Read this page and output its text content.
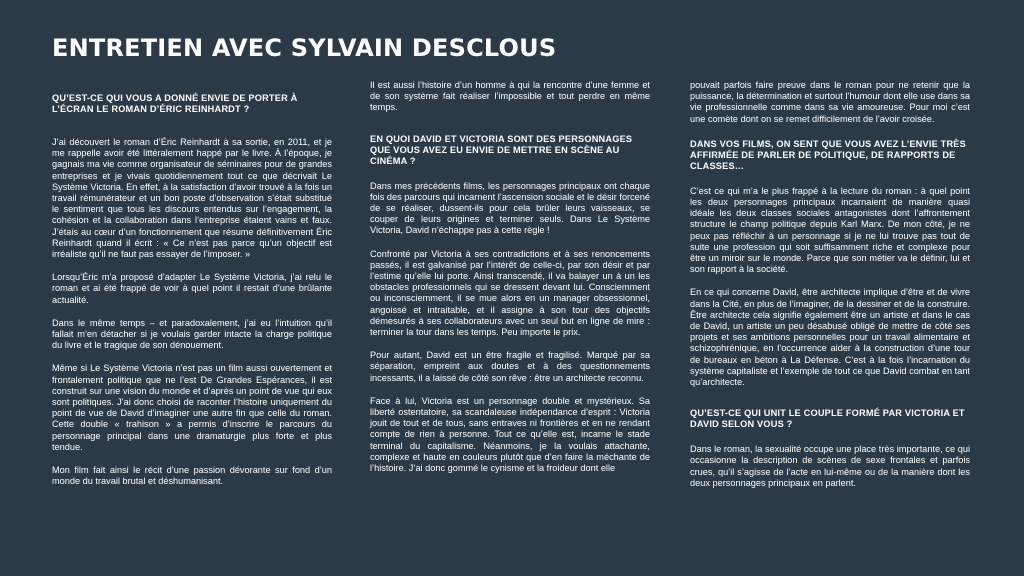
ENTRETIEN AVEC SYLVAIN DESCLOUS
QU’EST-CE QUI VOUS A DONNÉ ENVIE DE PORTER À L’ÉCRAN LE ROMAN D’ÉRIC REINHARDT ?
J’ai découvert le roman d’Éric Reinhardt à sa sortie, en 2011, et je me rappelle avoir été littéralement happé par le livre. À l’époque, je gagnais ma vie comme organisateur de séminaires pour de grandes entreprises et je vivais quotidiennement tout ce que décrivait Le Système Victoria. En effet, à la satisfaction d’avoir trouvé à la fois un travail rémunérateur et un bon poste d’observation s’était substitué le sentiment que tous les discours entendus sur l’engagement, la cohésion et la collaboration dans l’entreprise étaient vains et faux. J’étais au cœur d’un fonctionnement que résume définitivement Éric Reinhardt quand il écrit : « Ce n’est pas parce qu’un objectif est irréaliste qu’il ne faut pas essayer de l’imposer. »
Lorsqu’Éric m’a proposé d’adapter Le Système Victoria, j’ai relu le roman et ai été frappé de voir à quel point il restait d’une brûlante actualité.
Dans le même temps – et paradoxalement, j’ai eu l’intuition qu’il fallait m’en détacher si je voulais garder intacte la charge politique du livre et le tragique de son dénouement.
Même si Le Système Victoria n’est pas un film aussi ouvertement et frontalement politique que ne l’est De Grandes Espérances, il est construit sur une vision du monde et d’après un point de vue qui eux sont politiques. J’ai donc choisi de raconter l’histoire uniquement du point de vue de David d’imaginer une autre fin que celle du roman. Cette double « trahison » a permis d’inscrire le parcours du personnage principal dans une dramaturgie plus forte et plus tendue.
Mon film fait ainsi le récit d’une passion dévorante sur fond d’un monde du travail brutal et déshumanisant.
Il est aussi l’histoire d’un homme à qui la rencontre d’une femme et de son système fait réaliser l’impossible et tout perdre en même temps.
EN QUOI DAVID ET VICTORIA SONT DES PERSONNAGES QUE VOUS AVEZ EU ENVIE DE METTRE EN SCÈNE AU CINÉMA ?
Dans mes précédents films, les personnages principaux ont chaque fois des parcours qui incarnent l’ascension sociale et le désir forcené de se réaliser, dussent-ils pour cela brûler leurs vaisseaux, se couper de leurs origines et terminer seuls. Dans Le Système Victoria, David n’échappe pas à cette règle !
Confronté par Victoria à ses contradictions et à ses renoncements passés, il est galvanisé par l’intérêt de celle-ci, par son désir et par l’estime qu’elle lui porte. Ainsi transcendé, il va balayer un à un les obstacles professionnels qui se dressent devant lui. Consciemment ou inconsciemment, il se mue alors en un manager obsessionnel, angoissé et intraitable, et il assigne à son tour des objectifs démesurés à ses collaborateurs avec un seul but en ligne de mire : terminer la tour dans les temps. Peu importe le prix.
Pour autant, David est un être fragile et fragilisé. Marqué par sa séparation, empreint aux doutes et à des questionnements incessants, il a laissé de côté son rêve : être un architecte reconnu.
Face à lui, Victoria est un personnage double et mystérieux. Sa liberté ostentatoire, sa scandaleuse indépendance d’esprit : Victoria jouit de tout et de tous, sans entraves ni frontières et en ne rendant compte de rien à personne. Tout ce qu’elle est, incarne le stade terminal du capitalisme. Néanmoins, je la voulais attachante, complexe et haute en couleurs plutôt que d’en faire la méchante de l’histoire. J’ai donc gommé le cynisme et la froideur dont elle
pouvait parfois faire preuve dans le roman pour ne retenir que la puissance, la détermination et surtout l’humour dont elle use dans sa vie professionnelle comme dans sa vie amoureuse. Pour moi c’est une comète dont on se remet difficilement de l’avoir croisée.
DANS VOS FILMS, ON SENT QUE VOUS AVEZ L’ENVIE TRÈS AFFIRMÉE DE PARLER DE POLITIQUE, DE RAPPORTS DE CLASSES…
C’est ce qui m’a le plus frappé à la lecture du roman : à quel point les deux personnages principaux incarnaient de manière quasi idéale les deux classes sociales antagonistes dont l’affrontement structure le champ politique depuis Karl Marx. De mon côté, je ne peux pas réfléchir à un personnage si je ne lui trouve pas tout de suite une profession qui soit suffisamment riche et complexe pour être un miroir sur le monde. Parce que son métier va le définir, lui et son rapport à la société.
En ce qui concerne David, être architecte implique d’être et de vivre dans la Cité, en plus de l’imaginer, de la dessiner et de la construire. Être architecte cela signifie également être un artiste et dans le cas de David, un artiste un peu désabusé obligé de mettre de côté ses projets et ses ambitions personnelles pour un travail alimentaire et schizophrénique, en l’occurrence aider à la construction d’une tour de bureaux en béton à La Défense. C’est à la fois l’incarnation du système capitaliste et l’exemple de tout ce que David combat en tant qu’architecte.
QU’EST-CE QUI UNIT LE COUPLE FORMÉ PAR VICTORIA ET DAVID SELON VOUS ?
Dans le roman, la sexualité occupe une place très importante, ce qui occasionne la description de scènes de sexe frontales et parfois crues, qu’il s’agisse de l’acte en lui-même ou de la manière dont les deux personnages principaux en parlent.
